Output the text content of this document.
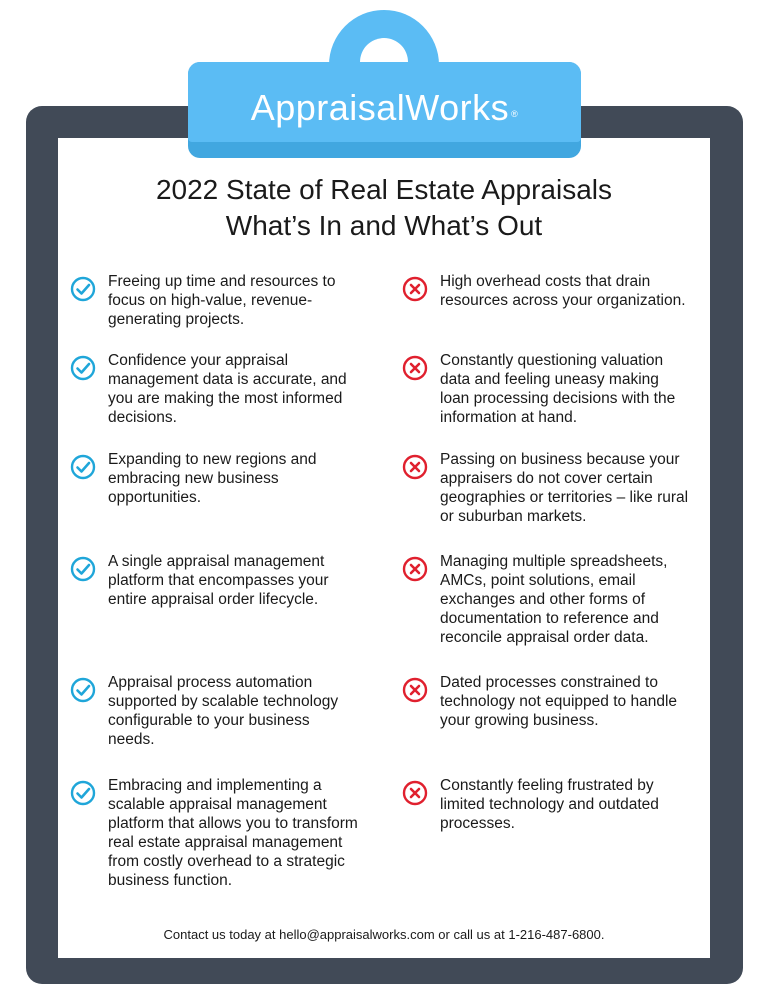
AppraisalWorks ®
2022 State of Real Estate Appraisals
What’s In and What’s Out
Freeing up time and resources to focus on high-value, revenue-generating projects.
Confidence your appraisal management data is accurate, and you are making the most informed decisions.
Expanding to new regions and embracing new business opportunities.
A single appraisal management platform that encompasses your entire appraisal order lifecycle.
Appraisal process automation supported by scalable technology configurable to your business needs.
Embracing and implementing a scalable appraisal management platform that allows you to transform real estate appraisal management from costly overhead to a strategic business function.
High overhead costs that drain resources across your organization.
Constantly questioning valuation data and feeling uneasy making loan processing decisions with the information at hand.
Passing on business because your appraisers do not cover certain geographies or territories – like rural or suburban markets.
Managing multiple spreadsheets, AMCs, point solutions, email exchanges and other forms of documentation to reference and reconcile appraisal order data.
Dated processes constrained to technology not equipped to handle your growing business.
Constantly feeling frustrated by limited technology and outdated processes.
Contact us today at hello@appraisalworks.com or call us at 1-216-487-6800.
